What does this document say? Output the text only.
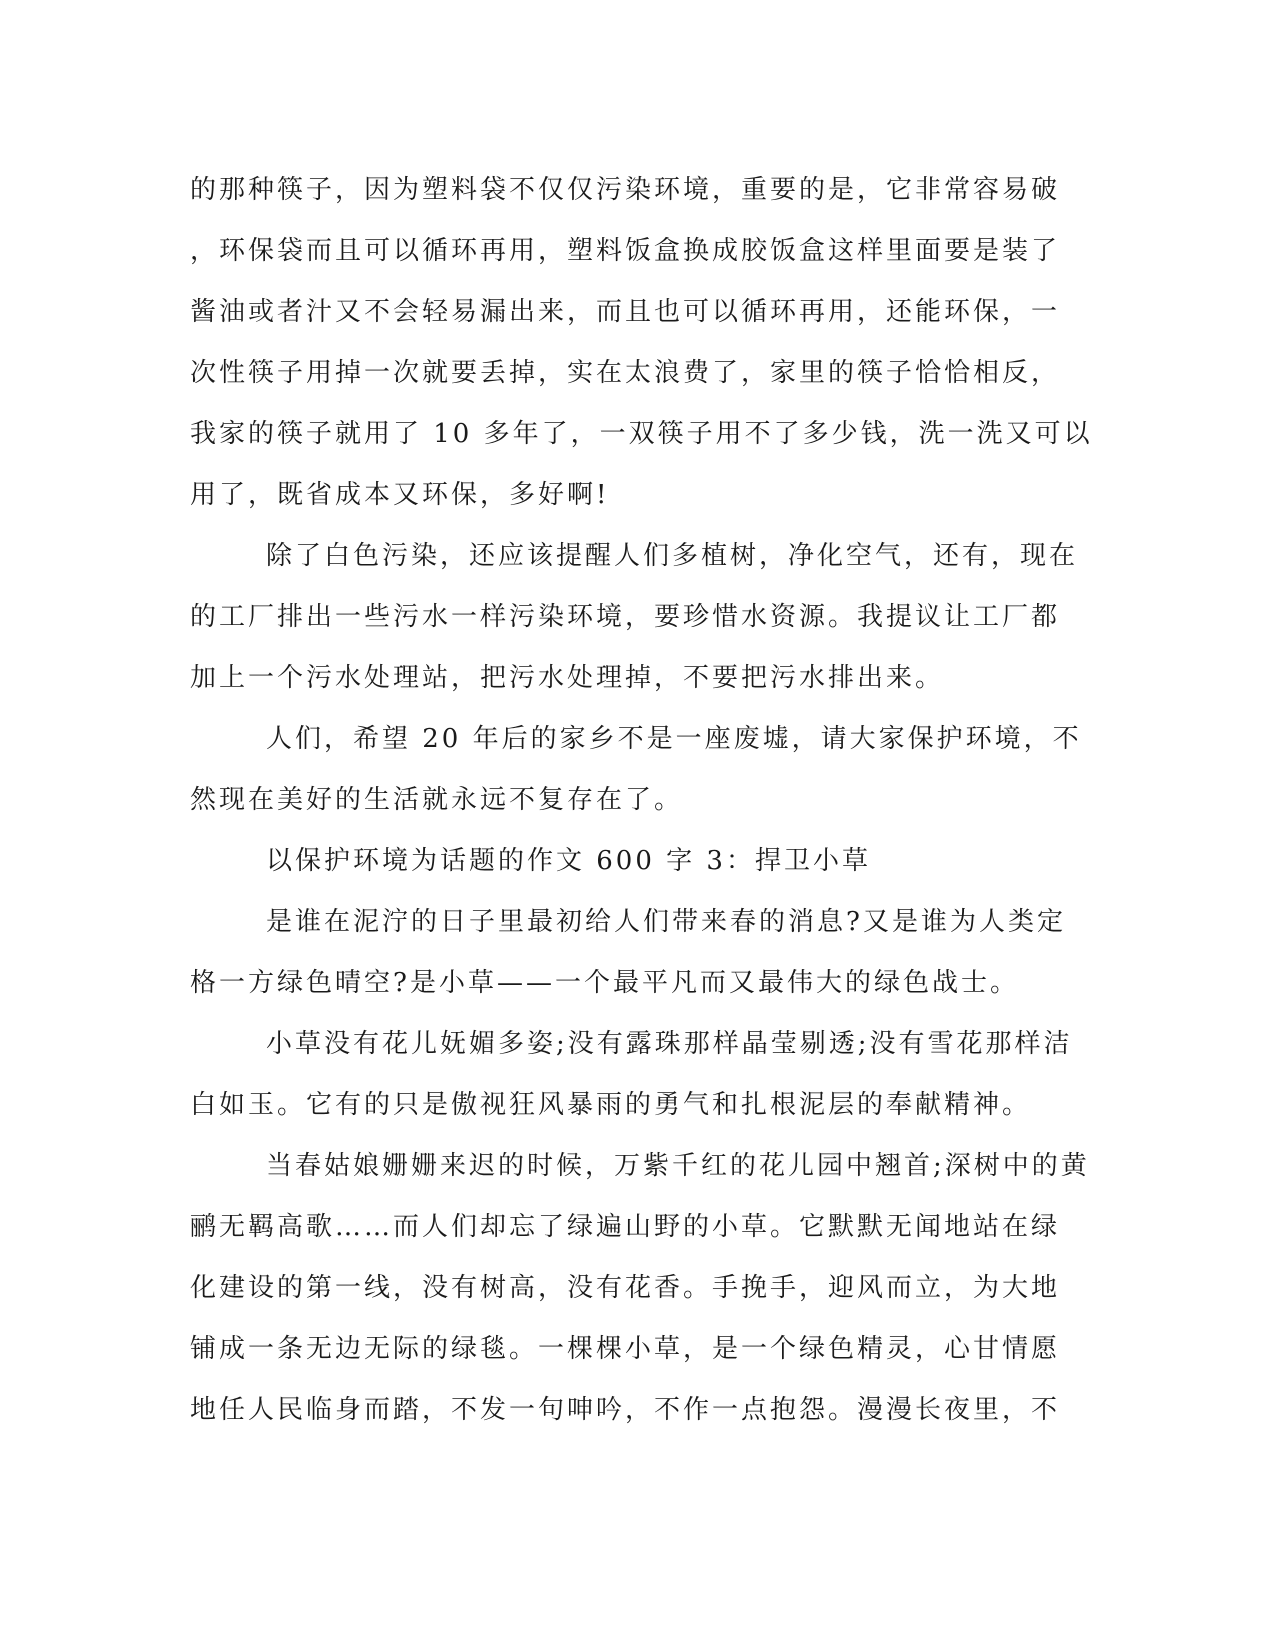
的那种筷子，因为塑料袋不仅仅污染环境，重要的是，它非常容易破
，环保袋而且可以循环再用，塑料饭盒换成胶饭盒这样里面要是装了
酱油或者汁又不会轻易漏出来，而且也可以循环再用，还能环保，一
次性筷子用掉一次就要丢掉，实在太浪费了，家里的筷子恰恰相反，
我家的筷子就用了 10 多年了，一双筷子用不了多少钱，洗一洗又可以
用了，既省成本又环保，多好啊!
除了白色污染，还应该提醒人们多植树，净化空气，还有，现在
的工厂排出一些污水一样污染环境，要珍惜水资源。我提议让工厂都
加上一个污水处理站，把污水处理掉，不要把污水排出来。
人们，希望 20 年后的家乡不是一座废墟，请大家保护环境，不
然现在美好的生活就永远不复存在了。
以保护环境为话题的作文 600 字 3：捍卫小草
是谁在泥泞的日子里最初给人们带来春的消息?又是谁为人类定
格一方绿色晴空?是小草——一个最平凡而又最伟大的绿色战士。
小草没有花儿妩媚多姿;没有露珠那样晶莹剔透;没有雪花那样洁
白如玉。它有的只是傲视狂风暴雨的勇气和扎根泥层的奉献精神。
当春姑娘姗姗来迟的时候，万紫千红的花儿园中翘首;深树中的黄
鹂无羁高歌……而人们却忘了绿遍山野的小草。它默默无闻地站在绿
化建设的第一线，没有树高，没有花香。手挽手，迎风而立，为大地
铺成一条无边无际的绿毯。一棵棵小草，是一个绿色精灵，心甘情愿
地任人民临身而踏，不发一句呻吟，不作一点抱怨。漫漫长夜里，不
